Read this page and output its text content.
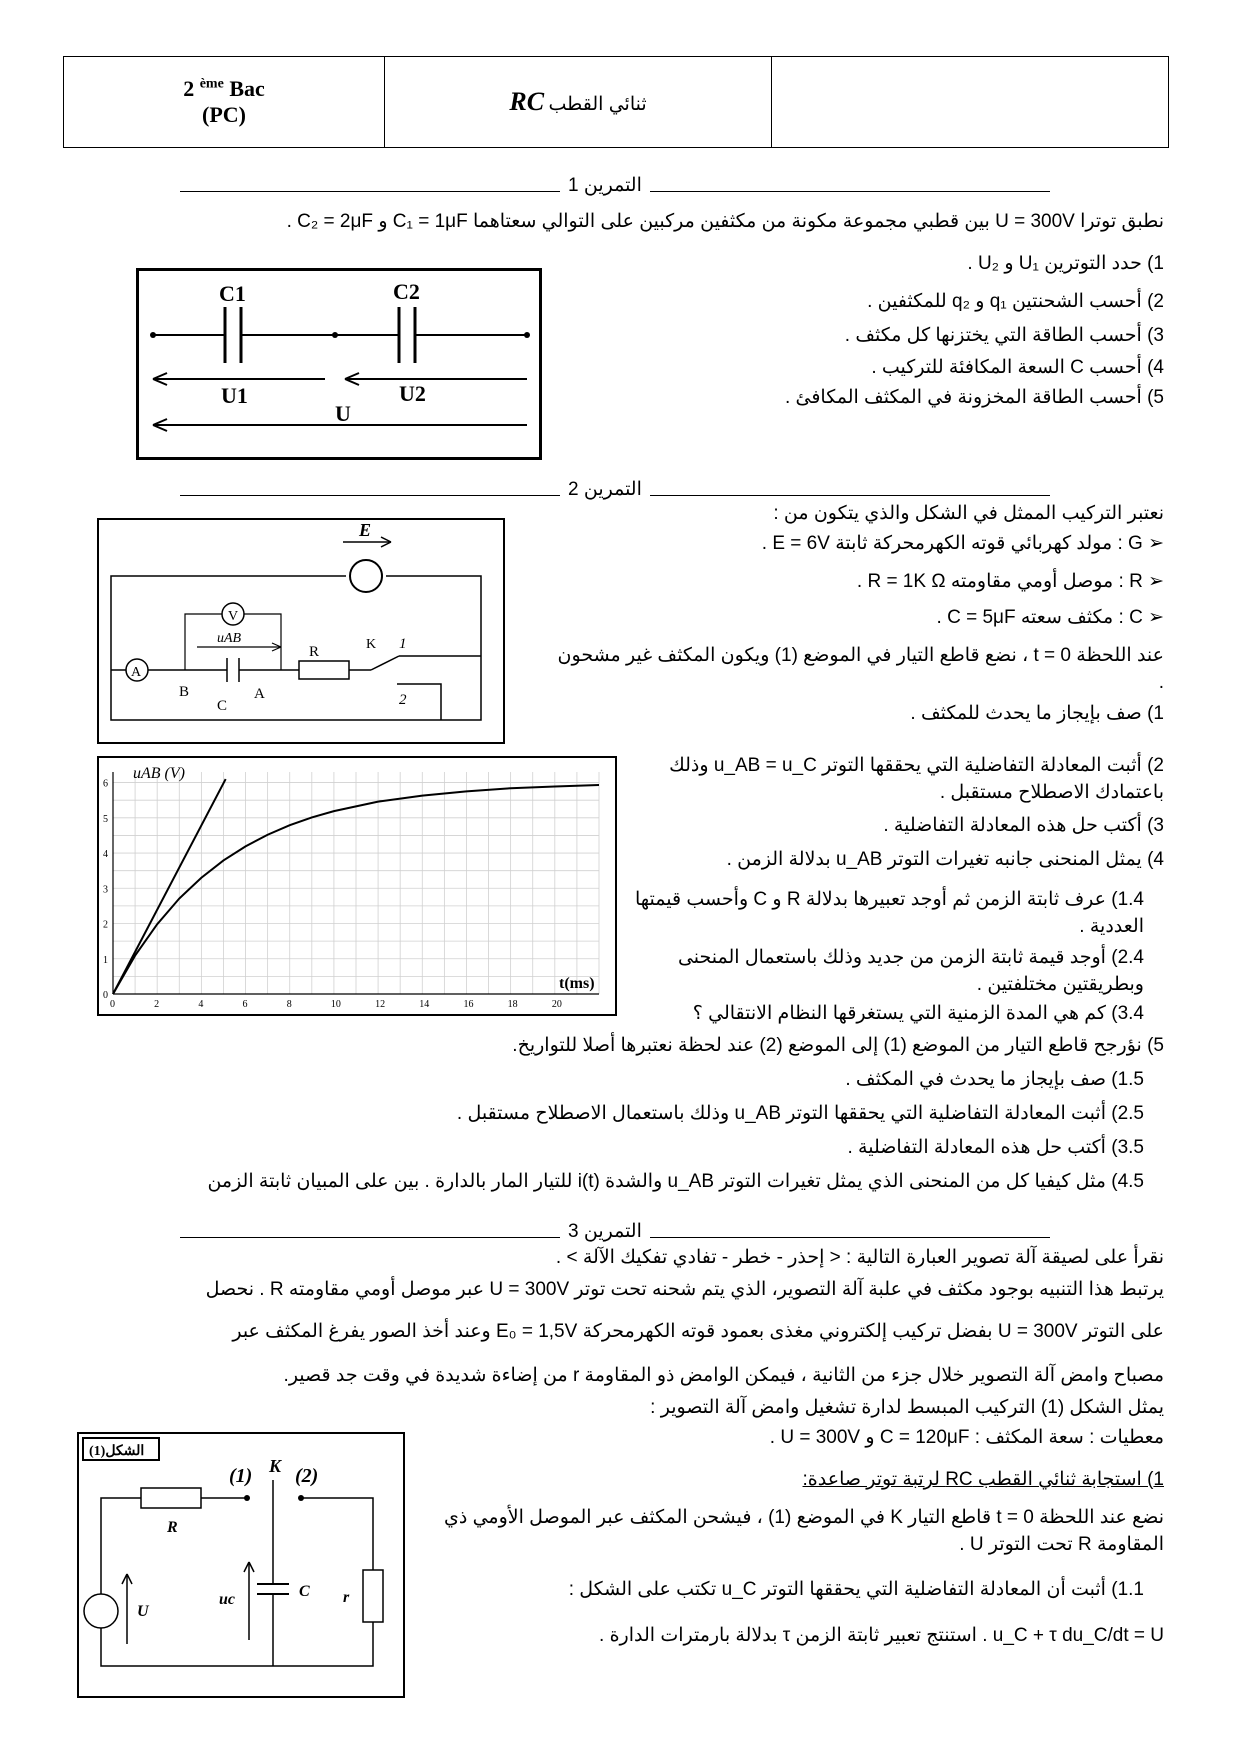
2 $^{ème}$ Bac
(PC)	RC ثنائي القطب	
التمرين 1
نطبق توترا U = 300V بين قطبي مجموعة مكونة من مكثفين مركبين على التوالي سعتاهما C₁ = 1μF و C₂ = 2μF .
1) حدد التوترين U₁ و U₂ .
2) أحسب الشحنتين q₁ و q₂ للمكثفين .
3) أحسب الطاقة التي يختزنها كل مكثف .
4) أحسب C السعة المكافئة للتركيب .
5) أحسب الطاقة المخزونة في المكثف المكافئ .
C1	C2
U1	U2
U
التمرين 2
نعتبر التركيب الممثل في الشكل والذي يتكون من :
➢ G : مولد كهربائي قوته الكهرمحركة ثابتة E = 6V .
➢ R : موصل أومي مقاومته R = 1K Ω .
➢ C : مكثف سعته C = 5μF .
عند اللحظة t = 0 ، نضع قاطع التيار في الموضع (1) ويكون المكثف غير مشحون .
1) صف بإيجاز ما يحدث للمكثف .
2) أثبت المعادلة التفاضلية التي يحققها التوتر u_AB = u_C وذلك باعتمادك الاصطلاح مستقبل .
3) أكتب حل هذه المعادلة التفاضلية .
4) يمثل المنحنى جانبه تغيرات التوتر u_AB بدلالة الزمن .
1.4) عرف ثابتة الزمن ثم أوجد تعبيرها بدلالة R و C وأحسب قيمتها العددية .
2.4) أوجد قيمة ثابتة الزمن من جديد وذلك باستعمال المنحنى وبطريقتين مختلفتين .
3.4) كم هي المدة الزمنية التي يستغرقها النظام الانتقالي ؟
5) نؤرجح قاطع التيار من الموضع (1) إلى الموضع (2) عند لحظة نعتبرها أصلا للتواريخ.
1.5) صف بإيجاز ما يحدث في المكثف .
2.5) أثبت المعادلة التفاضلية التي يحققها التوتر u_AB وذلك باستعمال الاصطلاح مستقبل .
3.5) أكتب حل هذه المعادلة التفاضلية .
4.5) مثل كيفيا كل من المنحنى الذي يمثل تغيرات التوتر u_AB والشدة i(t) للتيار المار بالدارة . بين على المبيان ثابتة الزمن
E
A
B	A
C
V
uAB
R	K 1
2
0	2	4	6	8	10	12	14	16	18	20
0
1
2
3
4
5
6
uAB (V)
t(ms)
التمرين 3
نقرأ على لصيقة آلة تصوير العبارة التالية : < إحذر - خطر - تفادي تفكيك الآلة > .
يرتبط هذا التنبيه بوجود مكثف في علبة آلة التصوير، الذي يتم شحنه تحت توتر U = 300V عبر موصل أومي مقاومته R . نحصل
على التوتر U = 300V بفضل تركيب إلكتروني مغذى بعمود قوته الكهرمحركة E₀ = 1,5V وعند أخذ الصور يفرغ المكثف عبر
مصباح وامض آلة التصوير خلال جزء من الثانية ، فيمكن الوامض ذو المقاومة r من إضاءة شديدة في وقت جد قصير.
يمثل الشكل (1) التركيب المبسط لدارة تشغيل وامض آلة التصوير :
معطيات : سعة المكثف : C = 120μF و U = 300V .
1) استجابة ثنائي القطب RC لرتبة توتر صاعدة:
نضع عند اللحظة t = 0 قاطع التيار K في الموضع (1) ، فيشحن المكثف عبر الموصل الأومي ذي المقاومة R تحت التوتر U .
1.1) أثبت أن المعادلة التفاضلية التي يحققها التوتر u_C تكتب على الشكل :
u_C + τ du_C/dt = U . استنتج تعبير ثابتة الزمن τ بدلالة بارمترات الدارة .
الشكل(1)
R
(1) K (2)
r
C
uc
U
